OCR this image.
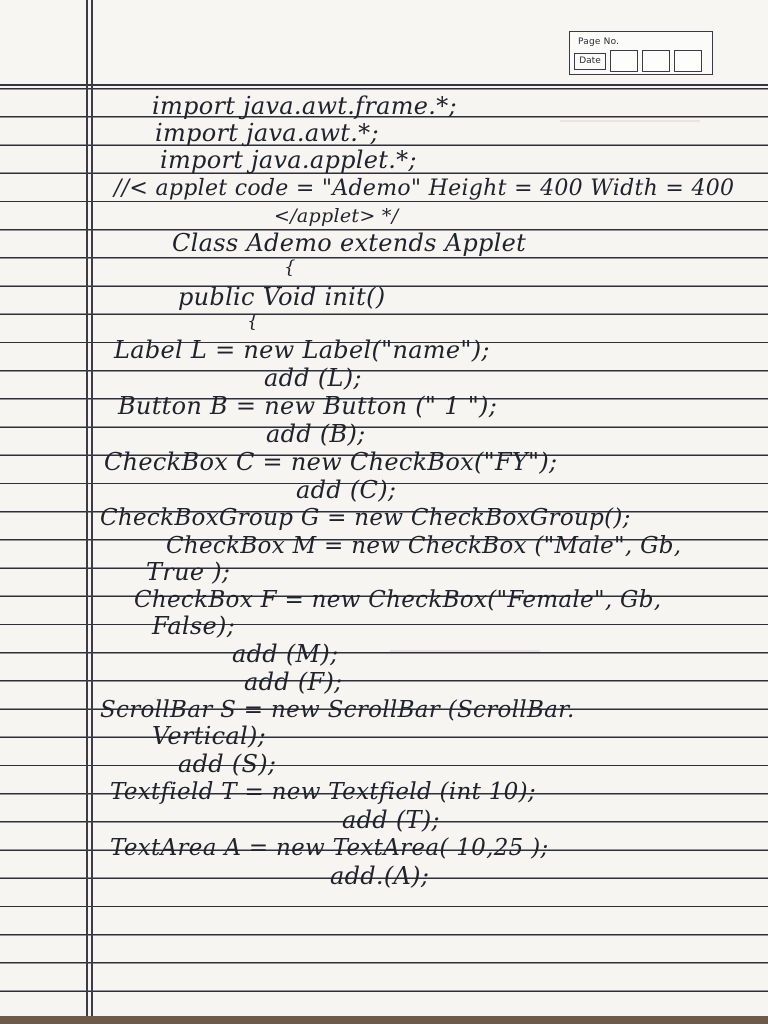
Page No.
Date
import java.awt.frame.*;
import java.awt.*;
import java.applet.*;
//< applet code = "Ademo" Height = 400 Width = 400
</applet> */
Class Ademo extends Applet
{
public Void init()
{
Label L = new Label("name");
add (L);
Button B = new Button (" 1 ");
add (B);
CheckBox C = new CheckBox("FY");
add (C);
CheckBoxGroup G = new CheckBoxGroup();
CheckBox M = new CheckBox ("Male", Gb,
True );
CheckBox F = new CheckBox("Female", Gb,
False);
add (M);
add (F);
ScrollBar S = new ScrollBar (ScrollBar.
Vertical);
add (S);
Textfield T = new Textfield (int 10);
add (T);
TextArea A = new TextArea( 10,25 );
add.(A);
